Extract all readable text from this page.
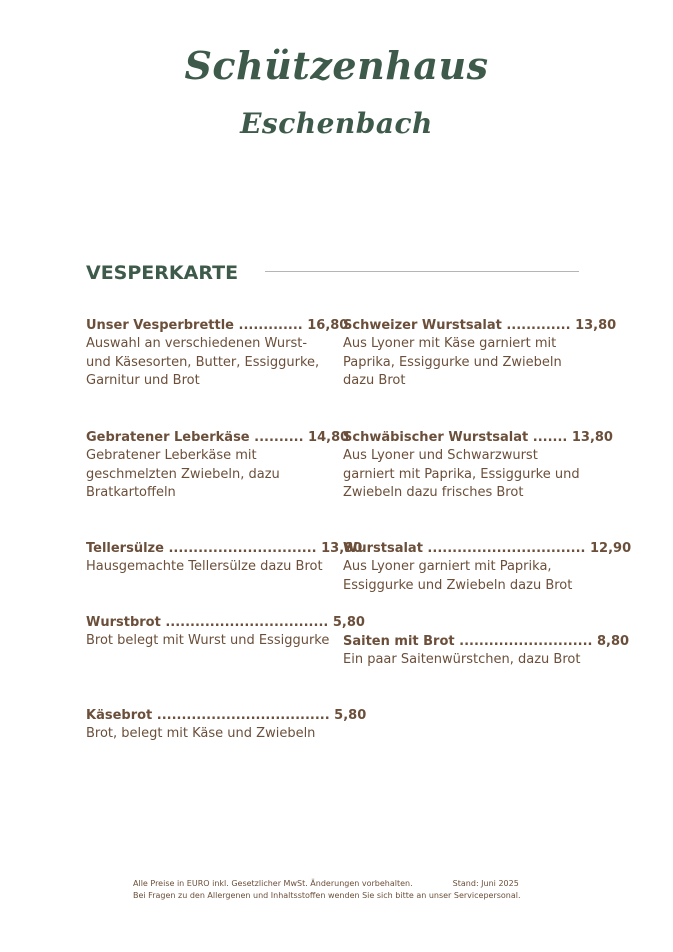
Schützenhaus
Eschenbach
VESPERKARTE
Unser Vesperbrettle ............. 16,80
Auswahl an verschiedenen Wurst- und Käsesorten, Butter, Essiggurke, Garnitur und Brot
Gebratener Leberkäse .......... 14,80
Gebratener Leberkäse mit geschmelzten Zwiebeln, dazu Bratkartoffeln
Tellersülze .............................. 13,80
Hausgemachte Tellersülze dazu Brot
Wurstbrot ................................. 5,80
Brot belegt mit Wurst und Essiggurke
Käsebrot ................................... 5,80
Brot, belegt mit Käse und Zwiebeln
Schweizer Wurstsalat ............. 13,80
Aus Lyoner mit Käse garniert mit Paprika, Essiggurke und Zwiebeln dazu Brot
Schwäbischer Wurstsalat ....... 13,80
Aus Lyoner und Schwarzwurst garniert mit Paprika, Essiggurke und Zwiebeln dazu frisches Brot
Wurstsalat ................................ 12,90
Aus Lyoner garniert mit Paprika, Essiggurke und Zwiebeln dazu Brot
Saiten mit Brot ........................... 8,80
Ein paar Saitenwürstchen, dazu Brot
Alle Preise in EURO inkl. Gesetzlicher MwSt. Änderungen vorbehalten.	Stand: Juni 2025
Bei Fragen zu den Allergenen und Inhaltsstoffen wenden Sie sich bitte an unser Servicepersonal.
